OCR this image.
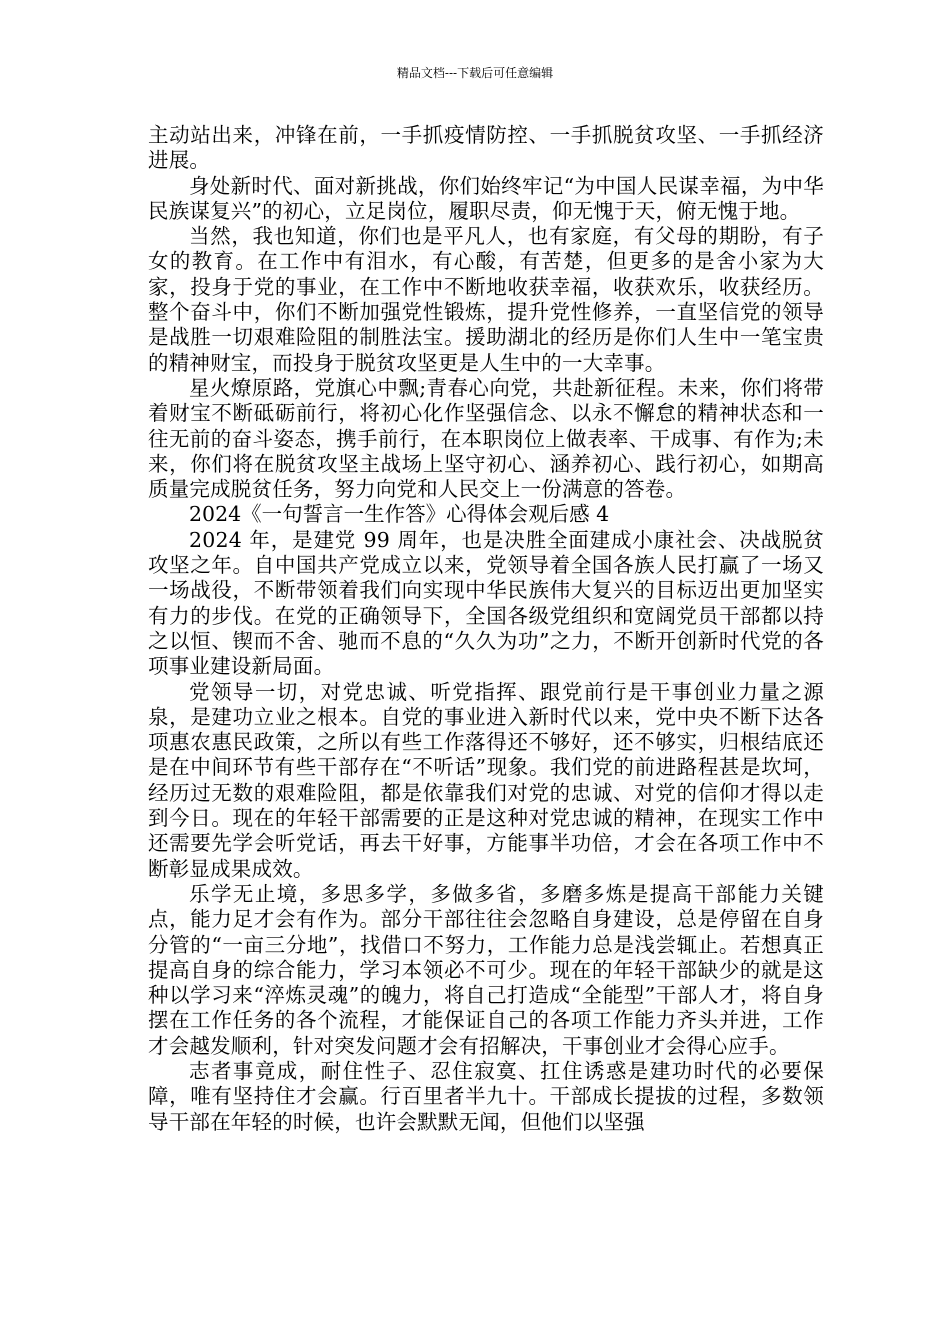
精品文档---下载后可任意编辑

主动站出来，冲锋在前，一手抓疫情防控、一手抓脱贫攻坚、一手抓经济进展。

身处新时代、面对新挑战，你们始终牢记“为中国人民谋幸福，为中华民族谋复兴”的初心，立足岗位，履职尽责，仰无愧于天，俯无愧于地。

当然，我也知道，你们也是平凡人，也有家庭，有父母的期盼，有子女的教育。在工作中有泪水，有心酸，有苦楚，但更多的是舍小家为大家，投身于党的事业，在工作中不断地收获幸福，收获欢乐，收获经历。整个奋斗中，你们不断加强党性锻炼，提升党性修养，一直坚信党的领导是战胜一切艰难险阻的制胜法宝。援助湖北的经历是你们人生中一笔宝贵的精神财宝，而投身于脱贫攻坚更是人生中的一大幸事。

星火燎原路，党旗心中飘;青春心向党，共赴新征程。未来，你们将带着财宝不断砥砺前行，将初心化作坚强信念、以永不懈怠的精神状态和一往无前的奋斗姿态，携手前行，在本职岗位上做表率、干成事、有作为;未来，你们将在脱贫攻坚主战场上坚守初心、涵养初心、践行初心，如期高质量完成脱贫任务，努力向党和人民交上一份满意的答卷。

2024《一句誓言一生作答》心得体会观后感 4

2024 年，是建党 99 周年，也是决胜全面建成小康社会、决战脱贫攻坚之年。自中国共产党成立以来，党领导着全国各族人民打赢了一场又一场战役，不断带领着我们向实现中华民族伟大复兴的目标迈出更加坚实有力的步伐。在党的正确领导下，全国各级党组织和宽阔党员干部都以持之以恒、锲而不舍、驰而不息的“久久为功”之力，不断开创新时代党的各项事业建设新局面。

党领导一切，对党忠诚、听党指挥、跟党前行是干事创业力量之源泉，是建功立业之根本。自党的事业进入新时代以来，党中央不断下达各项惠农惠民政策，之所以有些工作落得还不够好，还不够实，归根结底还是在中间环节有些干部存在“不听话”现象。我们党的前进路程甚是坎坷，经历过无数的艰难险阻，都是依靠我们对党的忠诚、对党的信仰才得以走到今日。现在的年轻干部需要的正是这种对党忠诚的精神，在现实工作中还需要先学会听党话，再去干好事，方能事半功倍，才会在各项工作中不断彰显成果成效。

乐学无止境，多思多学，多做多省，多磨多炼是提高干部能力关键点，能力足才会有作为。部分干部往往会忽略自身建设，总是停留在自身分管的“一亩三分地”，找借口不努力，工作能力总是浅尝辄止。若想真正提高自身的综合能力，学习本领必不可少。现在的年轻干部缺少的就是这种以学习来“淬炼灵魂”的魄力，将自己打造成“全能型”干部人才，将自身摆在工作任务的各个流程，才能保证自己的各项工作能力齐头并进，工作才会越发顺利，针对突发问题才会有招解决，干事创业才会得心应手。

志者事竟成，耐住性子、忍住寂寞、扛住诱惑是建功时代的必要保障，唯有坚持住才会赢。行百里者半九十。干部成长提拔的过程，多数领导干部在年轻的时候，也许会默默无闻，但他们以坚强
